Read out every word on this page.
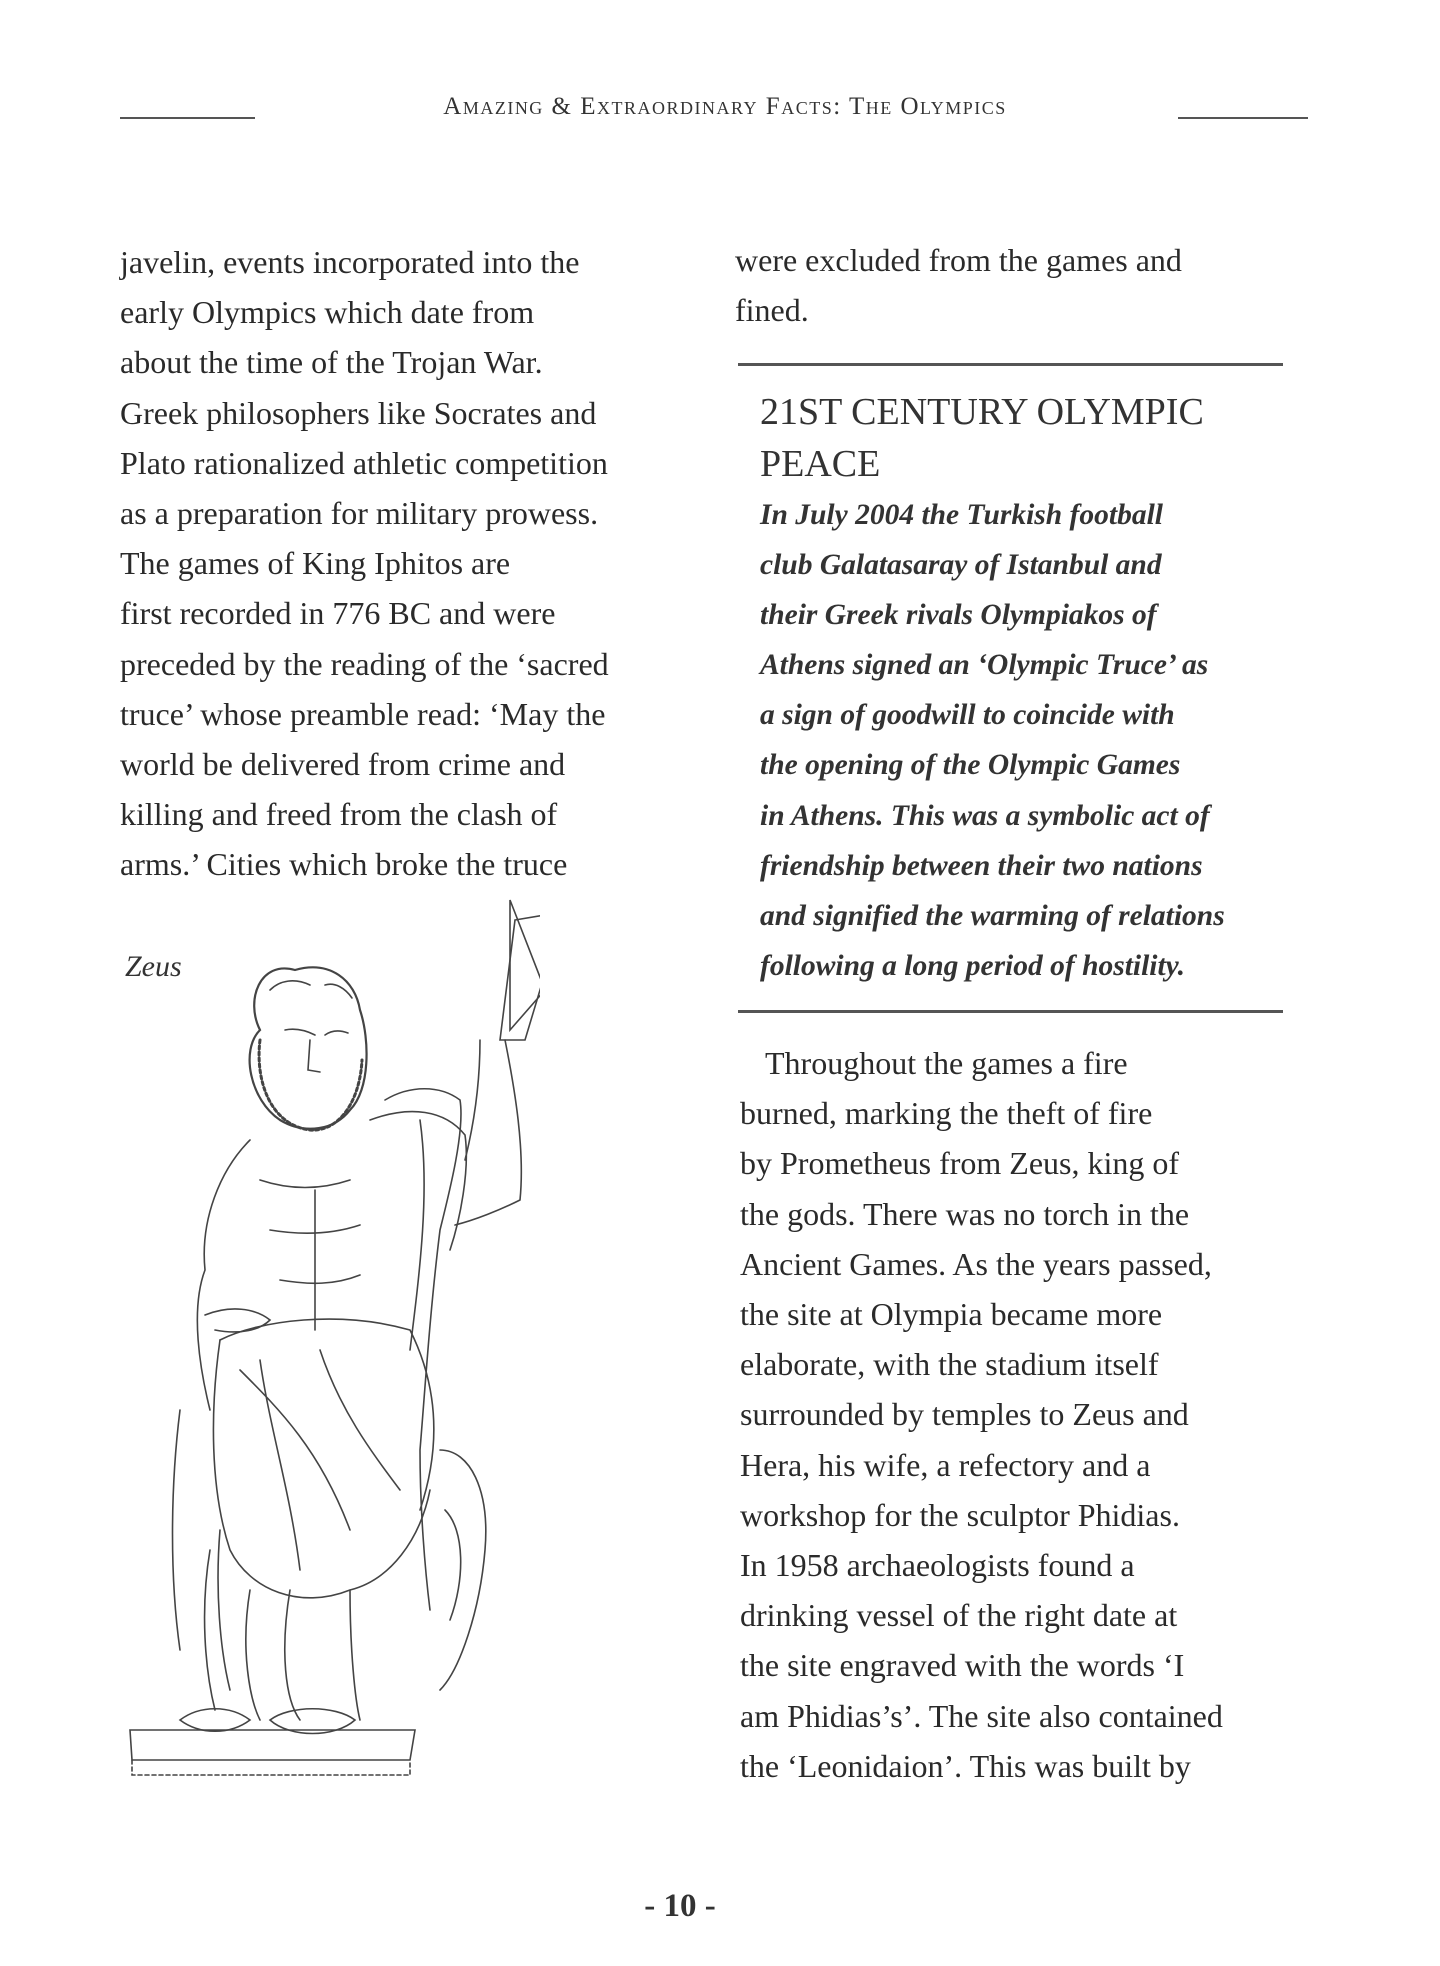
Amazing & Extraordinary Facts: The Olympics
javelin, events incorporated into the
early Olympics which date from
about the time of the Trojan War.
Greek philosophers like Socrates and
Plato rationalized athletic competition
as a preparation for military prowess.
The games of King Iphitos are
first recorded in 776 BC and were
preceded by the reading of the ‘sacred
truce’ whose preamble read: ‘May the
world be delivered from crime and
killing and freed from the clash of
arms.’ Cities which broke the truce
Zeus
were excluded from the games and
fined.
21ST CENTURY OLYMPIC
PEACE
In July 2004 the Turkish football
club Galatasaray of Istanbul and
their Greek rivals Olympiakos of
Athens signed an ‘Olympic Truce’ as
a sign of goodwill to coincide with
the opening of the Olympic Games
in Athens. This was a symbolic act of
friendship between their two nations
and signified the warming of relations
following a long period of hostility.
Throughout the games a fire
burned, marking the theft of fire
by Prometheus from Zeus, king of
the gods. There was no torch in the
Ancient Games. As the years passed,
the site at Olympia became more
elaborate, with the stadium itself
surrounded by temples to Zeus and
Hera, his wife, a refectory and a
workshop for the sculptor Phidias.
In 1958 archaeologists found a
drinking vessel of the right date at
the site engraved with the words ‘I
am Phidias’s’. The site also contained
the ‘Leonidaion’. This was built by
- 10 -
